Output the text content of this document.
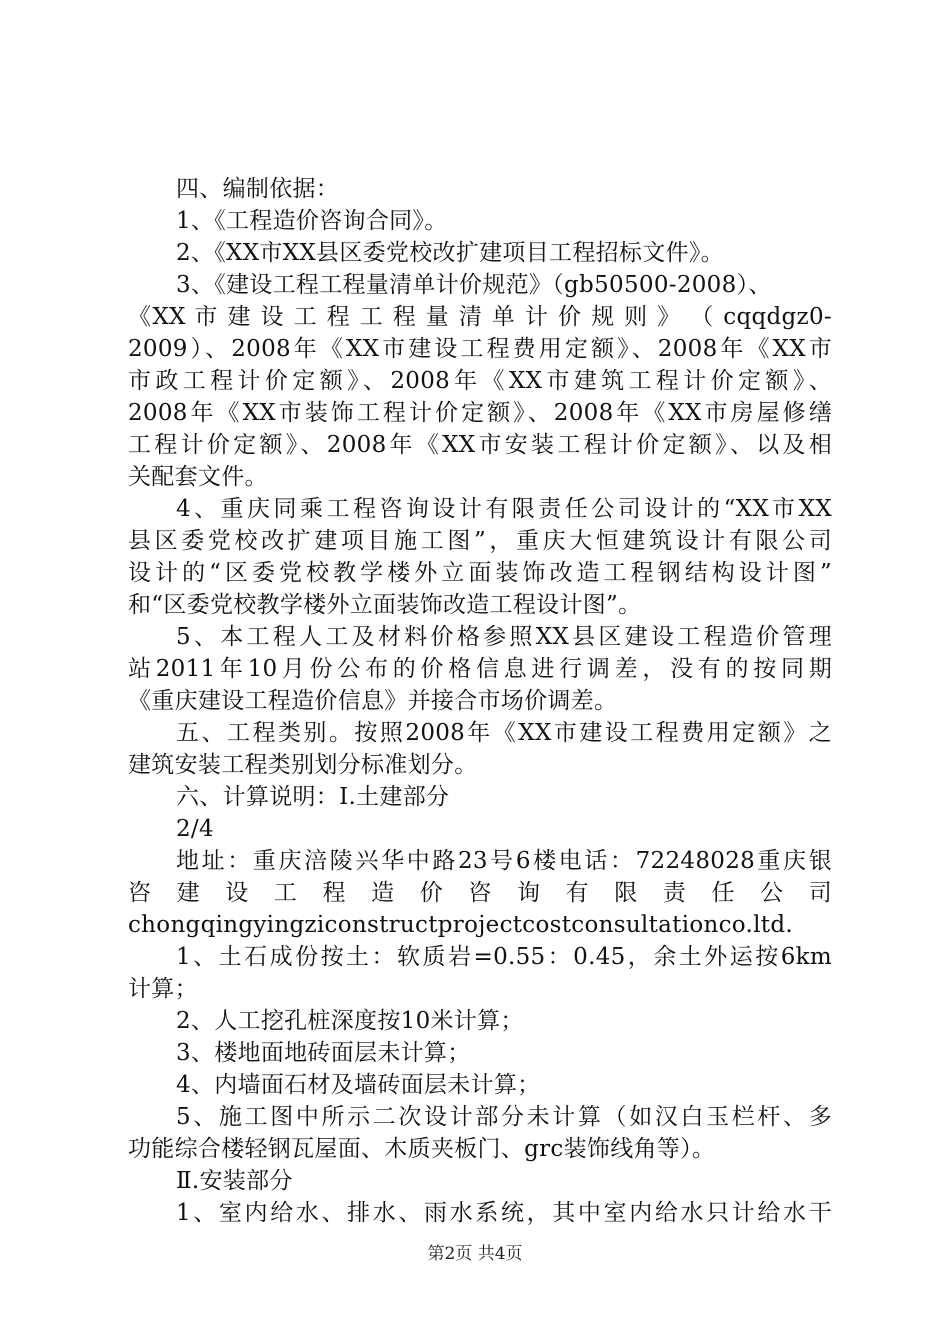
四、编制依据：
1、《工程造价咨询合同》。
2、《XX市XX县区委党校改扩建项目工程招标文件》。
3、《建设工程工程量清单计价规范》（gb50500-2008）、
《XX 市 建 设 工 程 工 程 量 清 单 计 价 规 则 》 （ cqqdgz0-
2009）、2008年《XX市建设工程费用定额》、2008年《XX市
市政工程计价定额》、2008年《XX市建筑工程计价定额》、
2008年《XX市装饰工程计价定额》、2008年《XX市房屋修缮
工程计价定额》、2008年《XX市安装工程计价定额》、以及相
关配套文件。
4、重庆同乘工程咨询设计有限责任公司设计的“XX市XX
县区委党校改扩建项目施工图”，重庆大恒建筑设计有限公司
设计的“区委党校教学楼外立面装饰改造工程钢结构设计图”
和“区委党校教学楼外立面装饰改造工程设计图”。
5、本工程人工及材料价格参照XX县区建设工程造价管理
站2011年10月份公布的价格信息进行调差，没有的按同期
《重庆建设工程造价信息》并接合市场价调差。
五、工程类别。按照2008年《XX市建设工程费用定额》之
建筑安装工程类别划分标准划分。
六、计算说明：Ⅰ.土建部分
2/4
地址：重庆涪陵兴华中路23号6楼电话：72248028重庆银
咨 建 设 工 程 造 价 咨 询 有 限 责 任 公 司
chongqingyingziconstructprojectcostconsultationco.ltd.
1、土石成份按土：软质岩=0.55：0.45，余土外运按6km
计算；
2、人工挖孔桩深度按10米计算；
3、楼地面地砖面层未计算；
4、内墙面石材及墙砖面层未计算；
5、施工图中所示二次设计部分未计算（如汉白玉栏杆、多
功能综合楼轻钢瓦屋面、木质夹板门、grc装饰线角等）。
Ⅱ.安装部分
1、室内给水、排水、雨水系统，其中室内给水只计给水干
第2页 共4页
